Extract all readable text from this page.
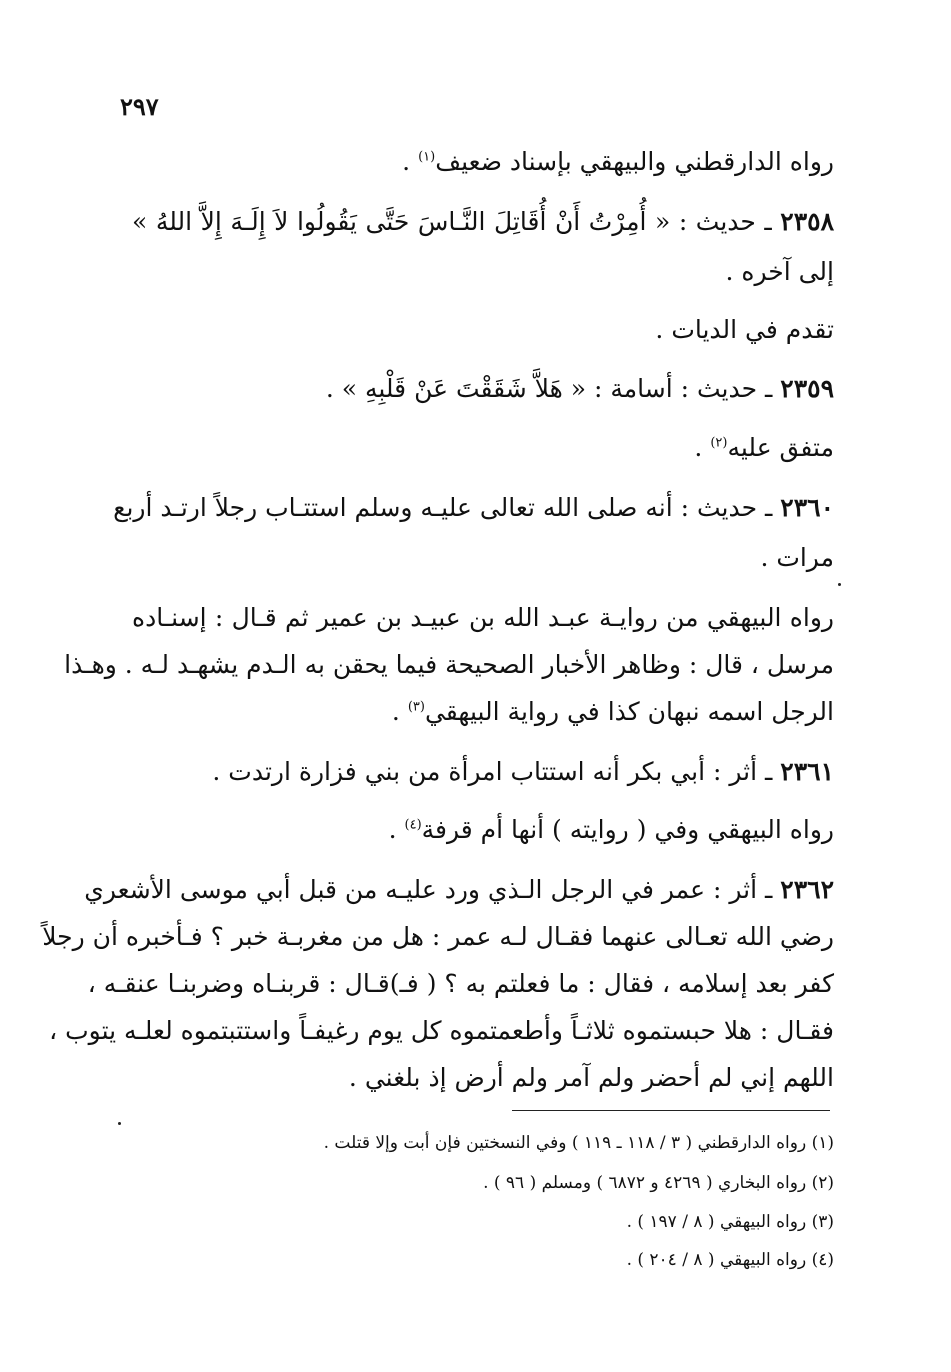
٢٩٧
رواه الدارقطني والبيهقي بإسناد ضعيف$^{(١)}$ .
٢٣٥٨ ـ حديث : « أُمِرْتُ أَنْ أُقَاتِلَ النَّـاسَ حَتَّى يَقُولُوا لاَ إِلَـهَ إِلاَّ اللهُ »
إلى آخره .
تقدم في الديات .
٢٣٥٩ ـ حديث : أسامة : « هَلاَّ شَقَقْتَ عَنْ قَلْبِهِ » .
متفق عليه$^{(٢)}$ .
٢٣٦٠ ـ حديث : أنه صلى الله تعالى عليـه وسلم استتـاب رجلاً ارتـد أربع
مرات .
رواه البيهقي من روايـة عبـد الله بن عبيـد بن عمير ثم قـال : إسنـاده
مرسل ، قال : وظاهر الأخبار الصحيحة فيما يحقن به الـدم يشهـد لـه . وهـذا
الرجل اسمه نبهان كذا في رواية البيهقي$^{(٣)}$ .
٢٣٦١ ـ أثر : أبي بكر أنه استتاب امرأة من بني فزارة ارتدت .
رواه البيهقي وفي ( روايته ) أنها أم قرفة$^{(٤)}$ .
٢٣٦٢ ـ أثر : عمر في الرجل الـذي ورد عليـه من قبل أبي موسى الأشعري
رضي الله تعـالى عنهما فقـال لـه عمر : هل من مغربـة خبر ؟ فـأخبره أن رجلاً
كفر بعد إسلامه ، فقال : ما فعلتم به ؟ ( فـ)قـال : قربنـاه وضربنـا عنقـه ،
فقـال : هلا حبستموه ثلاثـاً وأطعمتموه كل يوم رغيفـاً واستتبتموه لعلـه يتوب ،
اللهم إني لم أحضر ولم آمر ولم أرض إذ بلغني .
(١) رواه الدارقطني ( ٣ / ١١٨ ـ ١١٩ ) وفي النسختين فإن أبت وإلا قتلت .
(٢) رواه البخاري ( ٤٢٦٩ و ٦٨٧٢ ) ومسلم ( ٩٦ ) .
(٣) رواه البيهقي ( ٨ / ١٩٧ ) .
(٤) رواه البيهقي ( ٨ / ٢٠٤ ) .
